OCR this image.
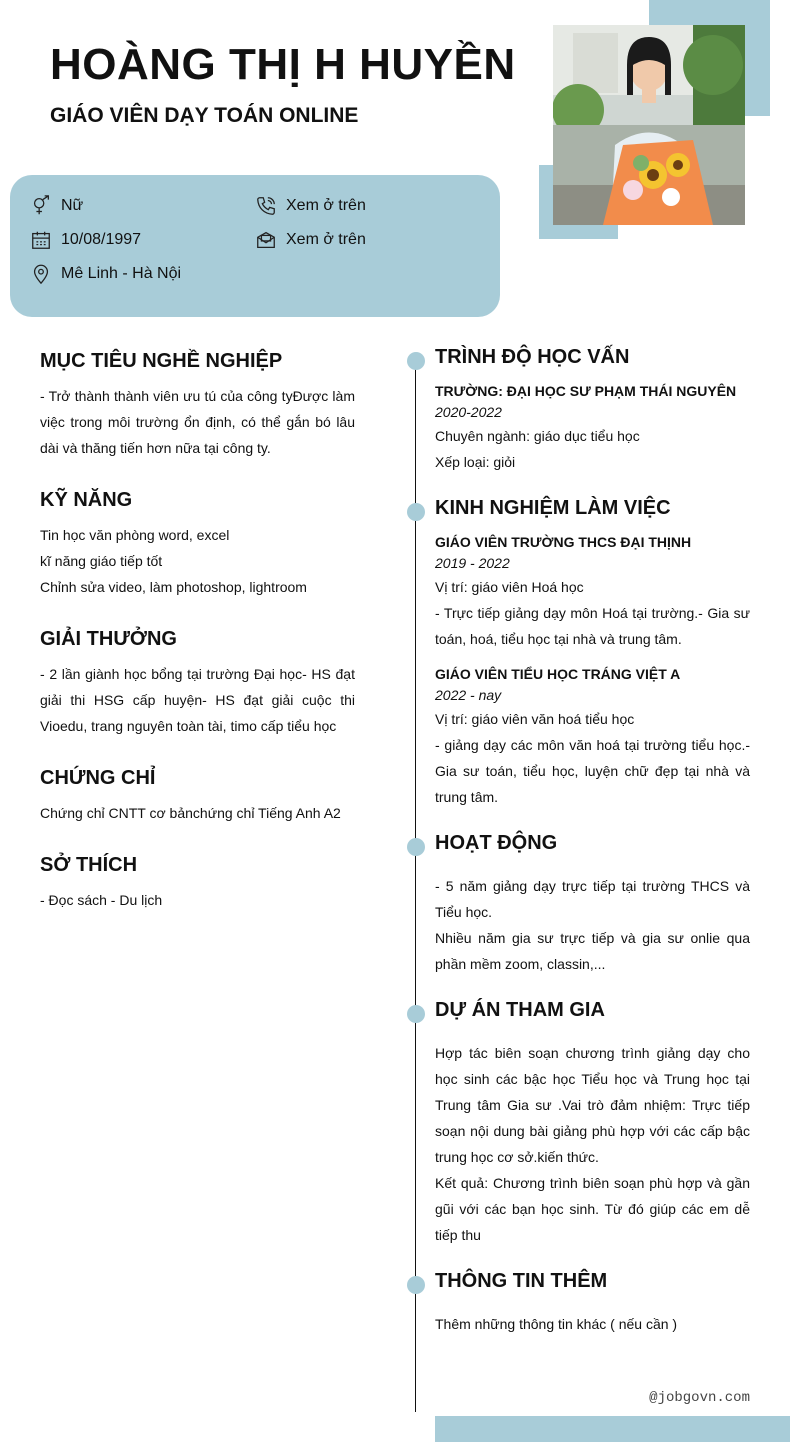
HOÀNG THỊ H HUYỀN
GIÁO VIÊN DẠY TOÁN ONLINE
Nữ
10/08/1997
Mê Linh - Hà Nội
Xem ở trên
Xem ở trên
MỤC TIÊU NGHỀ NGHIỆP

- Trở thành thành viên ưu tú của công tyĐược làm việc trong môi trường ổn định, có thể gắn bó lâu dài và thăng tiến hơn nữa tại công ty.

KỸ NĂNG

Tin học văn phòng word, excel

kĩ năng giáo tiếp tốt

Chỉnh sửa video, làm photoshop, lightroom

GIẢI THƯỞNG

- 2 lần giành học bổng tại trường Đại học- HS đạt giải thi HSG cấp huyện- HS đạt giải cuộc thi Vioedu, trang nguyên toàn tài, timo cấp tiểu học

CHỨNG CHỈ

Chứng chỉ CNTT cơ bảnchứng chỉ Tiếng Anh A2

SỞ THÍCH

- Đọc sách - Du lịch

TRÌNH ĐỘ HỌC VẤN
TRƯỜNG: ĐẠI HỌC SƯ PHẠM THÁI NGUYÊN
2020-2022

Chuyên ngành: giáo dục tiểu học

Xếp loại: giỏi

KINH NGHIỆM LÀM VIỆC
GIÁO VIÊN TRƯỜNG THCS ĐẠI THỊNH
2019 - 2022

Vị trí: giáo viên Hoá học

- Trực tiếp giảng dạy môn Hoá tại trường.- Gia sư toán, hoá, tiểu học tại nhà và trung tâm.

GIÁO VIÊN TIỂU HỌC TRÁNG VIỆT A
2022 - nay

Vị trí: giáo viên văn hoá tiểu học

- giảng dạy các môn văn hoá tại trường tiểu học.- Gia sư toán, tiểu học, luyện chữ đẹp tại nhà và trung tâm.

HOẠT ĐỘNG

- 5 năm giảng dạy trực tiếp tại trường THCS và Tiểu học.

Nhiều năm gia sư trực tiếp và gia sư onlie qua phần mềm zoom, classin,...

DỰ ÁN THAM GIA

Hợp tác biên soạn chương trình giảng dạy cho học sinh các bậc học Tiểu học và Trung học tại Trung tâm Gia sư .Vai trò đảm nhiệm: Trực tiếp soạn nội dung bài giảng phù hợp với các cấp bậc trung học cơ sở.kiến thức.

Kết quả: Chương trình biên soạn phù hợp và gần gũi với các bạn học sinh. Từ đó giúp các em dễ tiếp thu

THÔNG TIN THÊM

Thêm những thông tin khác ( nếu cần )

@jobgovn.com
